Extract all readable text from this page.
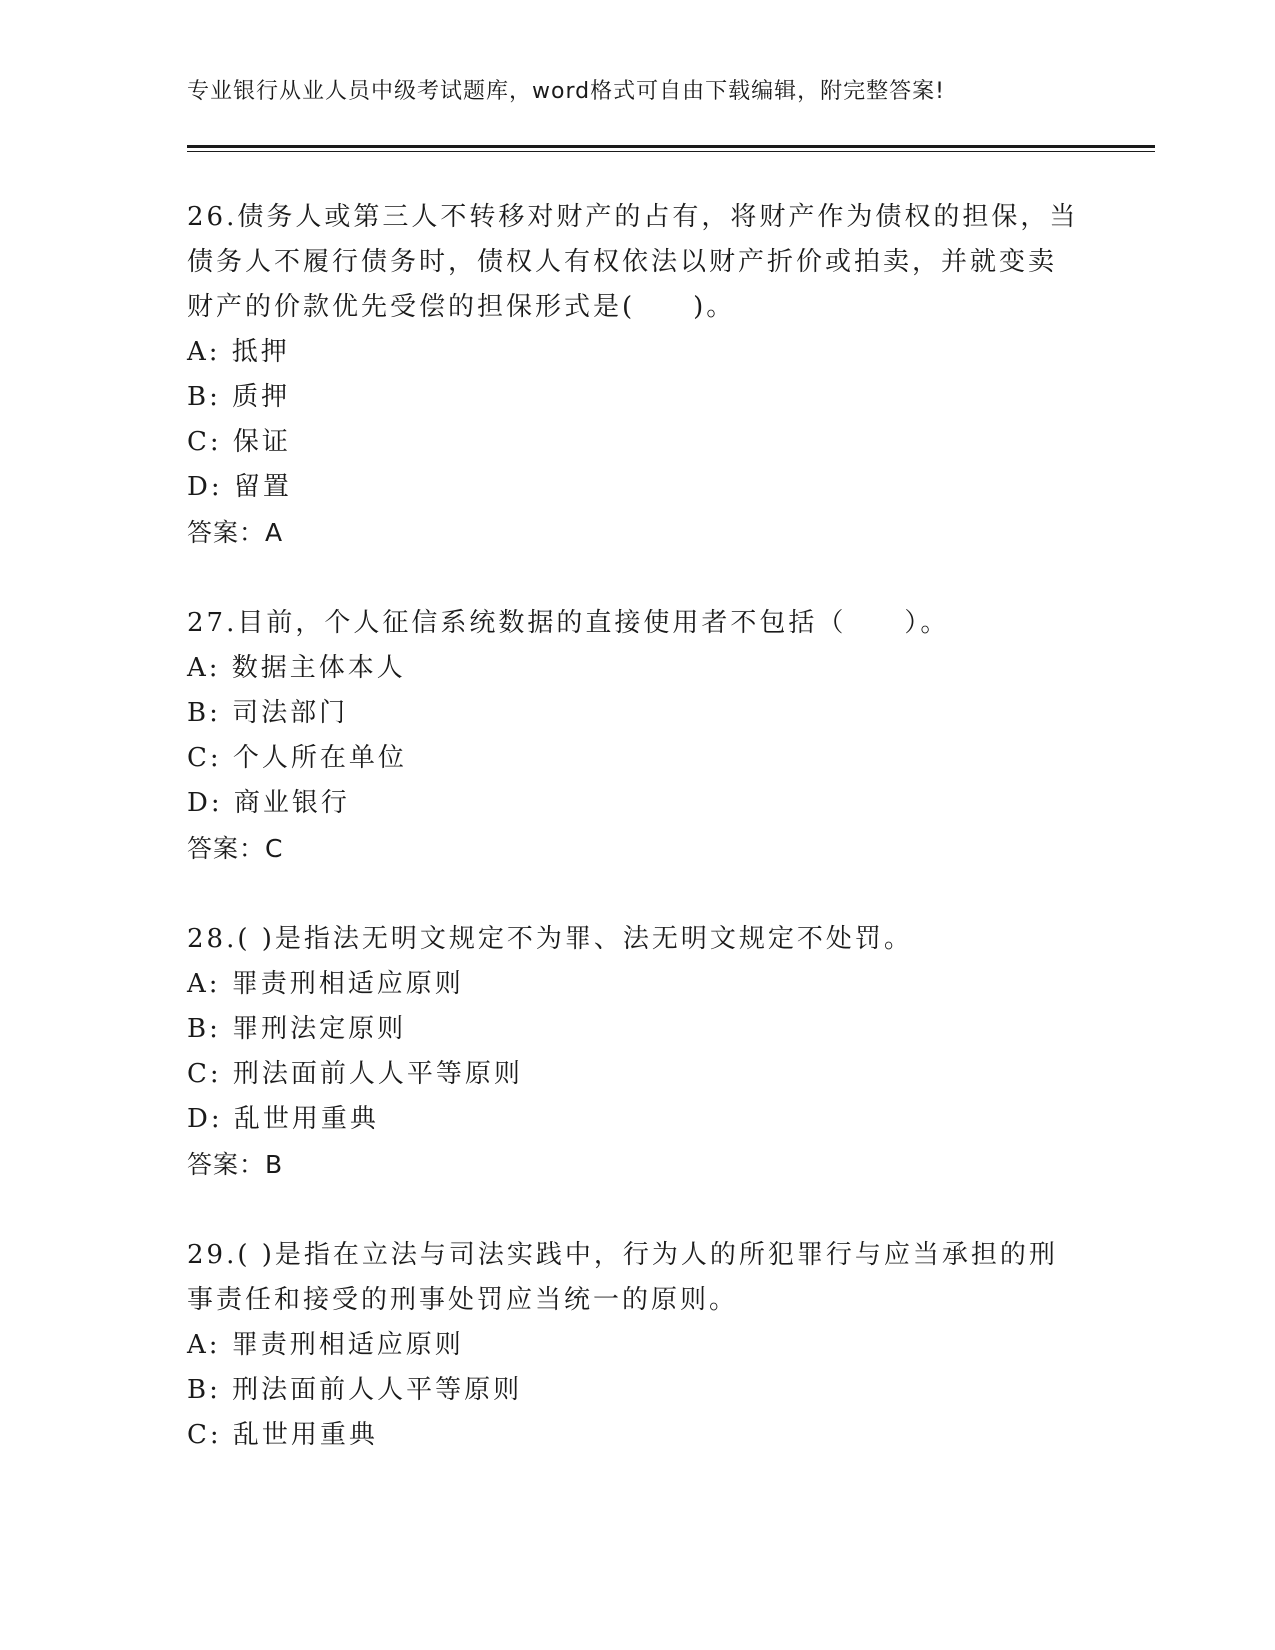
专业银行从业人员中级考试题库，word格式可自由下载编辑，附完整答案!
26.债务人或第三人不转移对财产的占有，将财产作为债权的担保，当
债务人不履行债务时，债权人有权依法以财产折价或拍卖，并就变卖
财产的价款优先受偿的担保形式是(　　)。
A: 抵押
B: 质押
C: 保证
D: 留置
答案：A
27.目前，个人征信系统数据的直接使用者不包括（　　）。
A: 数据主体本人
B: 司法部门
C: 个人所在单位
D: 商业银行
答案：C
28.( )是指法无明文规定不为罪、法无明文规定不处罚。
A: 罪责刑相适应原则
B: 罪刑法定原则
C: 刑法面前人人平等原则
D: 乱世用重典
答案：B
29.( )是指在立法与司法实践中，行为人的所犯罪行与应当承担的刑
事责任和接受的刑事处罚应当统一的原则。
A: 罪责刑相适应原则
B: 刑法面前人人平等原则
C: 乱世用重典
